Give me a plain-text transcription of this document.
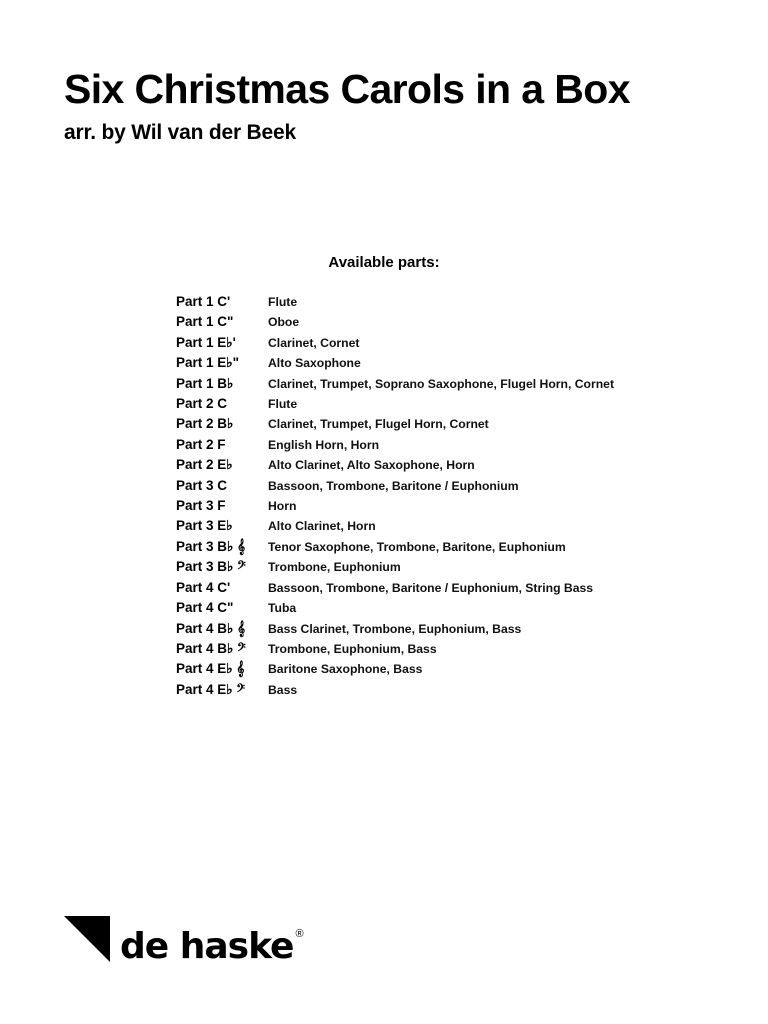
Six Christmas Carols in a Box
arr. by Wil van der Beek
Available parts:
Part 1 C'	Flute
Part 1 C"	Oboe
Part 1 E♭'	Clarinet, Cornet
Part 1 E♭"	Alto Saxophone
Part 1 B♭	Clarinet, Trumpet, Soprano Saxophone, Flugel Horn, Cornet
Part 2 C	Flute
Part 2 B♭	Clarinet, Trumpet, Flugel Horn, Cornet
Part 2 F	English Horn, Horn
Part 2 E♭	Alto Clarinet, Alto Saxophone, Horn
Part 3 C	Bassoon, Trombone, Baritone / Euphonium
Part 3 F	Horn
Part 3 E♭	Alto Clarinet, Horn
Part 3 B♭ 𝄞	Tenor Saxophone, Trombone, Baritone, Euphonium
Part 3 B♭ 𝄢	Trombone, Euphonium
Part 4 C'	Bassoon, Trombone, Baritone / Euphonium, String Bass
Part 4 C"	Tuba
Part 4 B♭ 𝄞	Bass Clarinet, Trombone, Euphonium, Bass
Part 4 B♭ 𝄢	Trombone, Euphonium, Bass
Part 4 E♭ 𝄞	Baritone Saxophone, Bass
Part 4 E♭ 𝄢	Bass
de haske ®
